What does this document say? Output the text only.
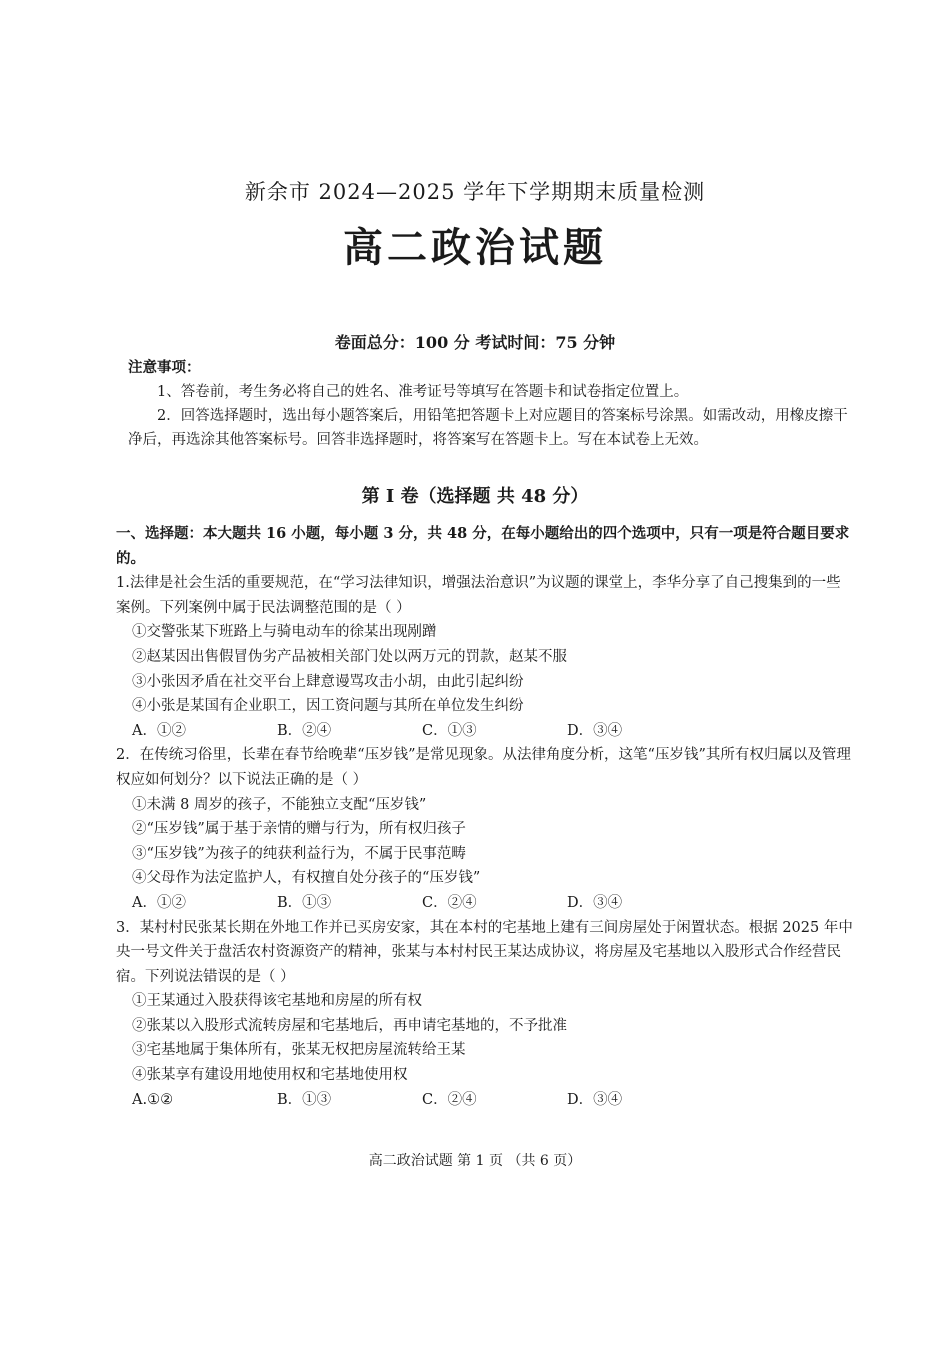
新余市 2024—2025 学年下学期期末质量检测
高二政治试题
卷面总分：100 分 考试时间：75 分钟
注意事项：
1、答卷前，考生务必将自己的姓名、准考证号等填写在答题卡和试卷指定位置上。
2．回答选择题时，选出每小题答案后，用铅笔把答题卡上对应题目的答案标号涂黑。如需改动，用橡皮擦干净后，再选涂其他答案标号。回答非选择题时，将答案写在答题卡上。写在本试卷上无效。
第 I 卷（选择题 共 48 分）

一、选择题：本大题共 16 小题，每小题 3 分，共 48 分，在每小题给出的四个选项中，只有一项是符合题目要求的。

1.法律是社会生活的重要规范，在“学习法律知识，增强法治意识”为议题的课堂上，李华分享了自己搜集到的一些案例。下列案例中属于民法调整范围的是（ ）

①交警张某下班路上与骑电动车的徐某出现剐蹭

②赵某因出售假冒伪劣产品被相关部门处以两万元的罚款，赵某不服

③小张因矛盾在社交平台上肆意谩骂攻击小胡，由此引起纠纷

④小张是某国有企业职工，因工资问题与其所在单位发生纠纷

A．①②	B．②④	C．①③	D．③④

2．在传统习俗里，长辈在春节给晚辈“压岁钱”是常见现象。从法律角度分析，这笔“压岁钱”其所有权归属以及管理权应如何划分？以下说法正确的是（ ）

①未满 8 周岁的孩子，不能独立支配“压岁钱”

②“压岁钱”属于基于亲情的赠与行为，所有权归孩子

③“压岁钱”为孩子的纯获利益行为，不属于民事范畴

④父母作为法定监护人，有权擅自处分孩子的“压岁钱”

A．①②	B．①③	C．②④	D．③④

3．某村村民张某长期在外地工作并已买房安家，其在本村的宅基地上建有三间房屋处于闲置状态。根据 2025 年中央一号文件关于盘活农村资源资产的精神，张某与本村村民王某达成协议，将房屋及宅基地以入股形式合作经营民宿。下列说法错误的是（ ）

①王某通过入股获得该宅基地和房屋的所有权

②张某以入股形式流转房屋和宅基地后，再申请宅基地的，不予批准

③宅基地属于集体所有，张某无权把房屋流转给王某

④张某享有建设用地使用权和宅基地使用权

A.①②	B．①③	C．②④	D．③④
高二政治试题 第 1 页 （共 6 页）
